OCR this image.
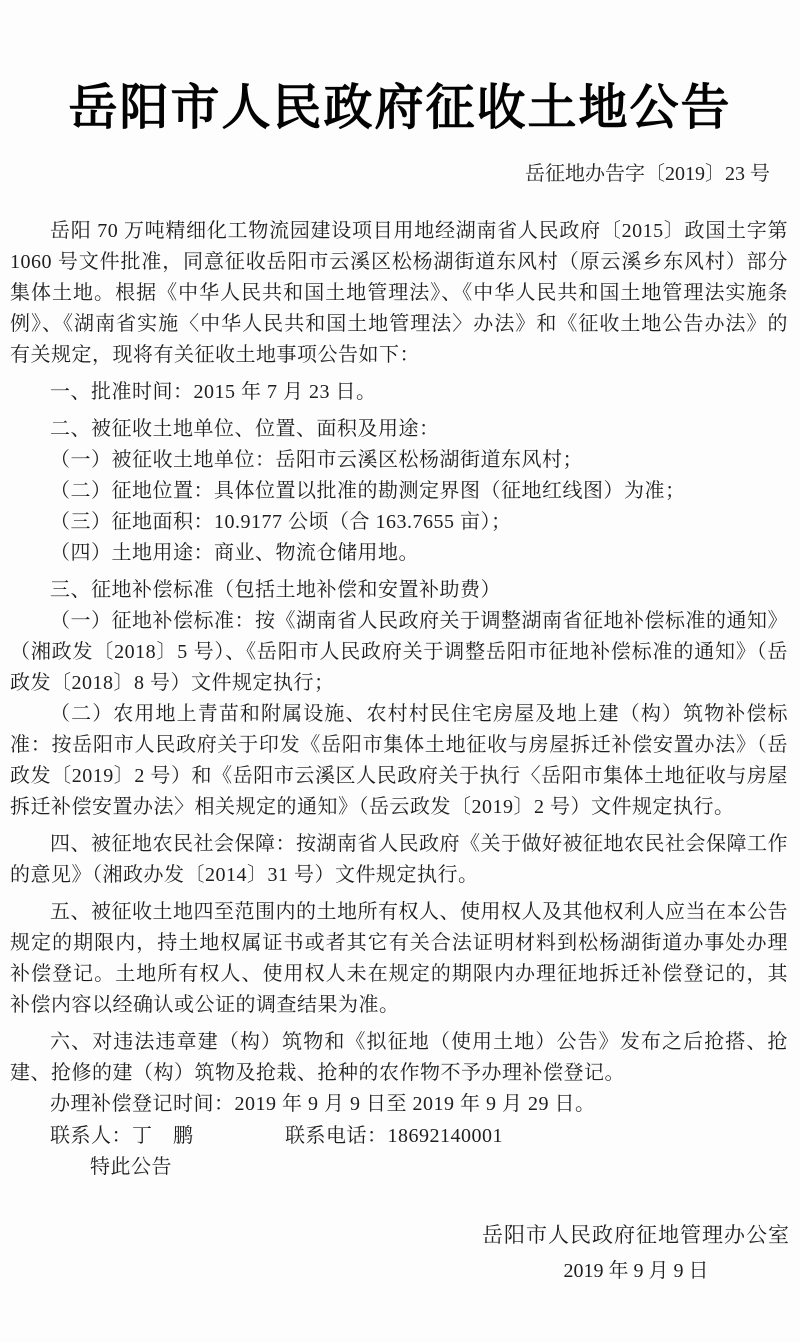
岳阳市人民政府征收土地公告
岳征地办告字〔2019〕23 号

岳阳 70 万吨精细化工物流园建设项目用地经湖南省人民政府〔2015〕政国土字第 1060 号文件批准，同意征收岳阳市云溪区松杨湖街道东风村（原云溪乡东风村）部分集体土地。根据《中华人民共和国土地管理法》、《中华人民共和国土地管理法实施条例》、《湖南省实施〈中华人民共和国土地管理法〉办法》和《征收土地公告办法》的有关规定，现将有关征收土地事项公告如下：

一、批准时间：2015 年 7 月 23 日。

二、被征收土地单位、位置、面积及用途：

（一）被征收土地单位：岳阳市云溪区松杨湖街道东风村；

（二）征地位置：具体位置以批准的勘测定界图（征地红线图）为准；

（三）征地面积：10.9177 公顷（合 163.7655 亩）；

（四）土地用途：商业、物流仓储用地。

三、征地补偿标准（包括土地补偿和安置补助费）

（一）征地补偿标准：按《湖南省人民政府关于调整湖南省征地补偿标准的通知》（湘政发〔2018〕5 号）、《岳阳市人民政府关于调整岳阳市征地补偿标准的通知》（岳政发〔2018〕8 号）文件规定执行；

（二）农用地上青苗和附属设施、农村村民住宅房屋及地上建（构）筑物补偿标准：按岳阳市人民政府关于印发《岳阳市集体土地征收与房屋拆迁补偿安置办法》（岳政发〔2019〕2 号）和《岳阳市云溪区人民政府关于执行〈岳阳市集体土地征收与房屋拆迁补偿安置办法〉相关规定的通知》（岳云政发〔2019〕2 号）文件规定执行。

四、被征地农民社会保障：按湖南省人民政府《关于做好被征地农民社会保障工作的意见》（湘政办发〔2014〕31 号）文件规定执行。

五、被征收土地四至范围内的土地所有权人、使用权人及其他权利人应当在本公告规定的期限内，持土地权属证书或者其它有关合法证明材料到松杨湖街道办事处办理补偿登记。土地所有权人、使用权人未在规定的期限内办理征地拆迁补偿登记的，其补偿内容以经确认或公证的调查结果为准。

六、对违法违章建（构）筑物和《拟征地（使用土地）公告》发布之后抢搭、抢建、抢修的建（构）筑物及抢栽、抢种的农作物不予办理补偿登记。

办理补偿登记时间：2019 年 9 月 9 日至 2019 年 9 月 29 日。

联系人：丁　鹏	联系电话：18692140001

特此公告

岳阳市人民政府征地管理办公室
2019 年 9 月 9 日
